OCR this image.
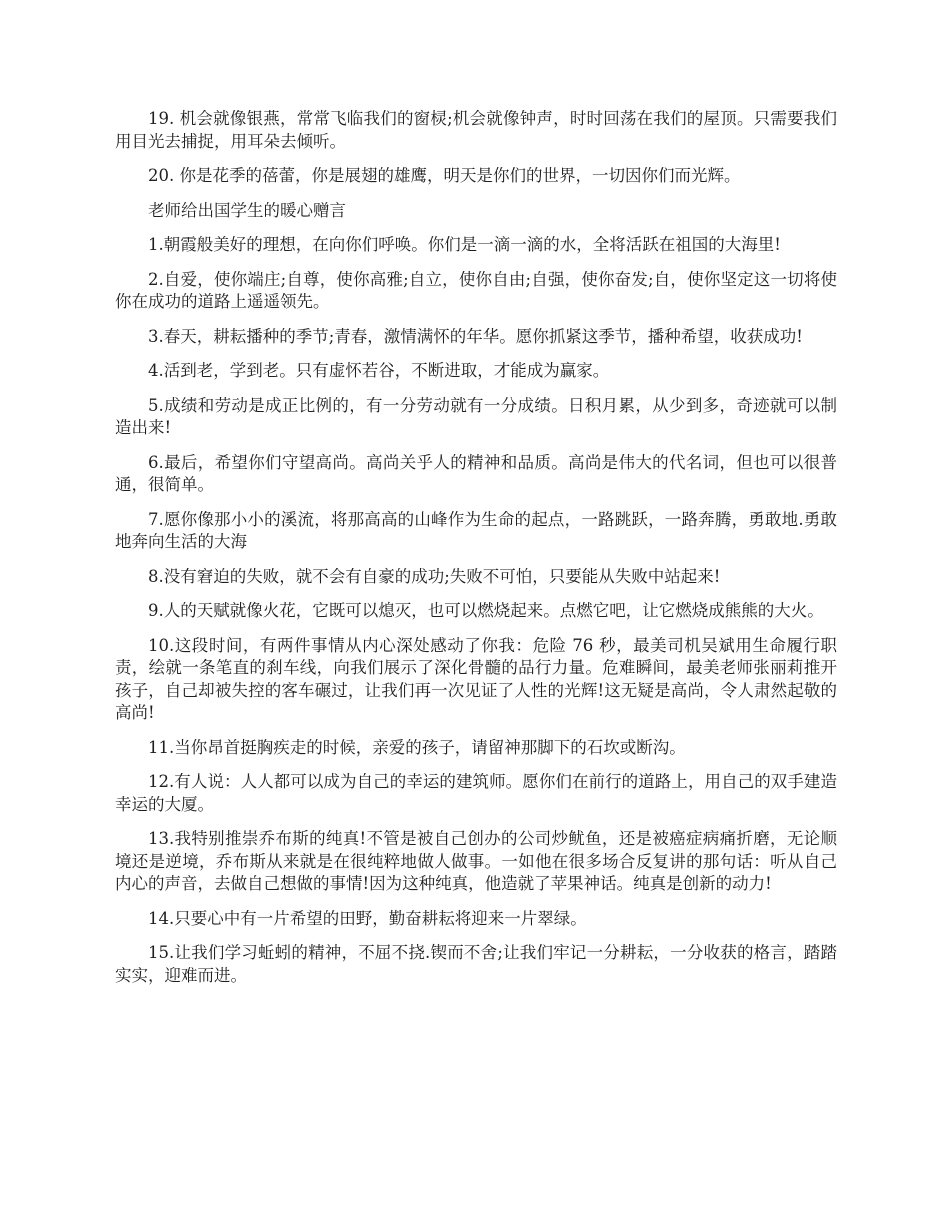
19. 机会就像银燕，常常飞临我们的窗棂;机会就像钟声，时时回荡在我们的屋顶。只需要我们用目光去捕捉，用耳朵去倾听。

20. 你是花季的蓓蕾，你是展翅的雄鹰，明天是你们的世界，一切因你们而光辉。

老师给出国学生的暖心赠言

1.朝霞般美好的理想，在向你们呼唤。你们是一滴一滴的水，全将活跃在祖国的大海里!

2.自爱，使你端庄;自尊，使你高雅;自立，使你自由;自强，使你奋发;自，使你坚定这一切将使你在成功的道路上遥遥领先。

3.春天，耕耘播种的季节;青春，激情满怀的年华。愿你抓紧这季节，播种希望，收获成功!

4.活到老，学到老。只有虚怀若谷，不断进取，才能成为赢家。

5.成绩和劳动是成正比例的，有一分劳动就有一分成绩。日积月累，从少到多，奇迹就可以制造出来!

6.最后，希望你们守望高尚。高尚关乎人的精神和品质。高尚是伟大的代名词，但也可以很普通，很简单。

7.愿你像那小小的溪流，将那高高的山峰作为生命的起点，一路跳跃，一路奔腾，勇敢地.勇敢地奔向生活的大海

8.没有窘迫的失败，就不会有自豪的成功;失败不可怕，只要能从失败中站起来!

9.人的天赋就像火花，它既可以熄灭，也可以燃烧起来。点燃它吧，让它燃烧成熊熊的大火。

10.这段时间，有两件事情从内心深处感动了你我：危险 76 秒，最美司机吴斌用生命履行职责，绘就一条笔直的刹车线，向我们展示了深化骨髓的品行力量。危难瞬间，最美老师张丽莉推开孩子，自己却被失控的客车碾过，让我们再一次见证了人性的光辉!这无疑是高尚，令人肃然起敬的高尚!

11.当你昂首挺胸疾走的时候，亲爱的孩子，请留神那脚下的石坎或断沟。

12.有人说：人人都可以成为自己的幸运的建筑师。愿你们在前行的道路上，用自己的双手建造幸运的大厦。

13.我特别推崇乔布斯的纯真!不管是被自己创办的公司炒鱿鱼，还是被癌症病痛折磨，无论顺境还是逆境，乔布斯从来就是在很纯粹地做人做事。一如他在很多场合反复讲的那句话：听从自己内心的声音，去做自己想做的事情!因为这种纯真，他造就了苹果神话。纯真是创新的动力!

14.只要心中有一片希望的田野，勤奋耕耘将迎来一片翠绿。

15.让我们学习蚯蚓的精神，不屈不挠.锲而不舍;让我们牢记一分耕耘，一分收获的格言，踏踏实实，迎难而进。
